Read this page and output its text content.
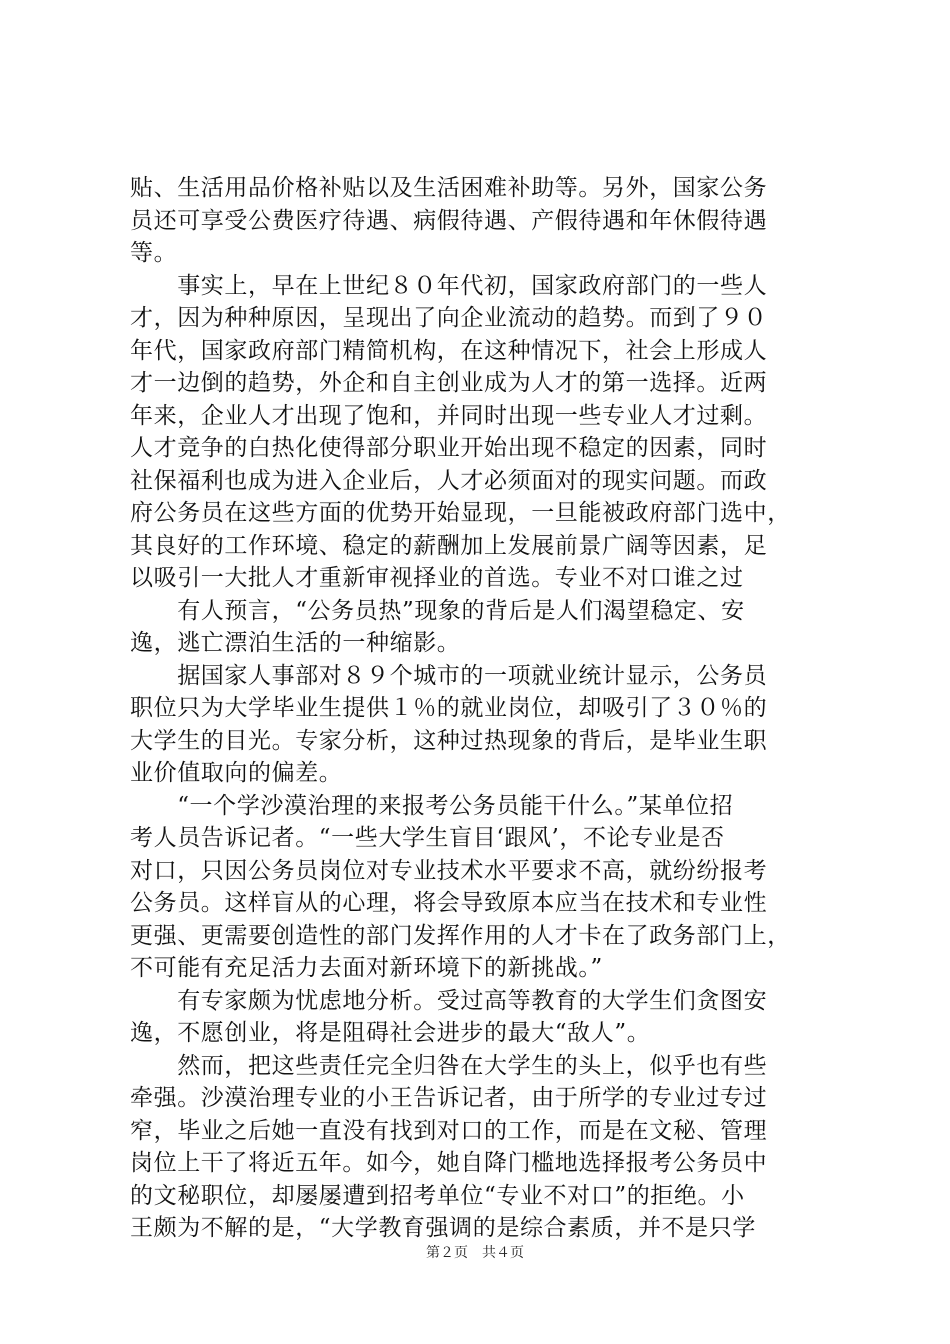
贴、生活用品价格补贴以及生活困难补助等。另外，国家公务
员还可享受公费医疗待遇、病假待遇、产假待遇和年休假待遇
等。
　　事实上，早在上世纪８０年代初，国家政府部门的一些人
才，因为种种原因，呈现出了向企业流动的趋势。而到了９０
年代，国家政府部门精简机构，在这种情况下，社会上形成人
才一边倒的趋势，外企和自主创业成为人才的第一选择。近两
年来，企业人才出现了饱和，并同时出现一些专业人才过剩。
人才竞争的白热化使得部分职业开始出现不稳定的因素，同时
社保福利也成为进入企业后，人才必须面对的现实问题。而政
府公务员在这些方面的优势开始显现，一旦能被政府部门选中，
其良好的工作环境、稳定的薪酬加上发展前景广阔等因素，足
以吸引一大批人才重新审视择业的首选。专业不对口谁之过
　　有人预言，“公务员热”现象的背后是人们渴望稳定、安
逸，逃亡漂泊生活的一种缩影。
　　据国家人事部对８９个城市的一项就业统计显示，公务员
职位只为大学毕业生提供１％的就业岗位，却吸引了３０％的
大学生的目光。专家分析，这种过热现象的背后，是毕业生职
业价值取向的偏差。
　　“一个学沙漠治理的来报考公务员能干什么。”某单位招
考人员告诉记者。“一些大学生盲目‘跟风’，不论专业是否
对口，只因公务员岗位对专业技术水平要求不高，就纷纷报考
公务员。这样盲从的心理，将会导致原本应当在技术和专业性
更强、更需要创造性的部门发挥作用的人才卡在了政务部门上，
不可能有充足活力去面对新环境下的新挑战。”
　　有专家颇为忧虑地分析。受过高等教育的大学生们贪图安
逸，不愿创业，将是阻碍社会进步的最大“敌人”。
　　然而，把这些责任完全归咎在大学生的头上，似乎也有些
牵强。沙漠治理专业的小王告诉记者，由于所学的专业过专过
窄，毕业之后她一直没有找到对口的工作，而是在文秘、管理
岗位上干了将近五年。如今，她自降门槛地选择报考公务员中
的文秘职位，却屡屡遭到招考单位“专业不对口”的拒绝。小
王颇为不解的是，“大学教育强调的是综合素质，并不是只学
第２页　共４页
